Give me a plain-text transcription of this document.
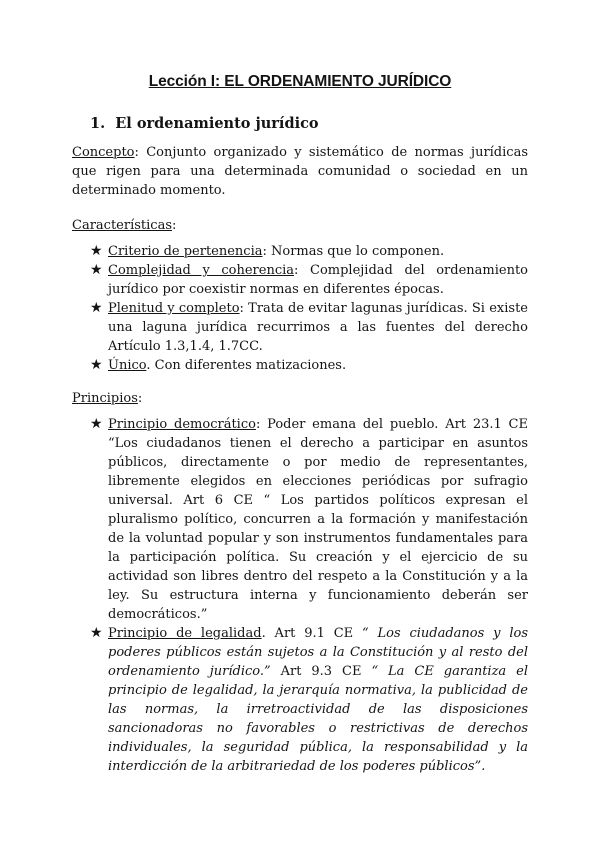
Lección I: EL ORDENAMIENTO JURÍDICO
1. El ordenamiento jurídico
Concepto: Conjunto organizado y sistemático de normas jurídicas que rigen para una determinada comunidad o sociedad en un determinado momento.
Características:

★ Criterio de pertenencia: Normas que lo componen.

★ Complejidad y coherencia: Complejidad del ordenamiento jurídico por coexistir normas en diferentes épocas.

★ Plenitud y completo: Trata de evitar lagunas jurídicas. Si existe una laguna jurídica recurrimos a las fuentes del derecho Artículo 1.3,1.4, 1.7CC.

★ Único. Con diferentes matizaciones.

Principios:

★ Principio democrático: Poder emana del pueblo. Art 23.1 CE “Los ciudadanos tienen el derecho a participar en asuntos públicos, directamente o por medio de representantes, libremente elegidos en elecciones periódicas por sufragio universal. Art 6 CE “ Los partidos políticos expresan el pluralismo político, concurren a la formación y manifestación de la voluntad popular y son instrumentos fundamentales para la participación política. Su creación y el ejercicio de su actividad son libres dentro del respeto a la Constitución y a la ley. Su estructura interna y funcionamiento deberán ser democráticos.”

★ Principio de legalidad. Art 9.1 CE “ Los ciudadanos y los poderes públicos están sujetos a la Constitución y al resto del ordenamiento jurídico.” Art 9.3 CE “ La CE garantiza el principio de legalidad, la jerarquía normativa, la publicidad de las normas, la irretroactividad de las disposiciones sancionadoras no favorables o restrictivas de derechos individuales, la seguridad pública, la responsabilidad y la interdicción de la arbitrariedad de los poderes públicos”.
